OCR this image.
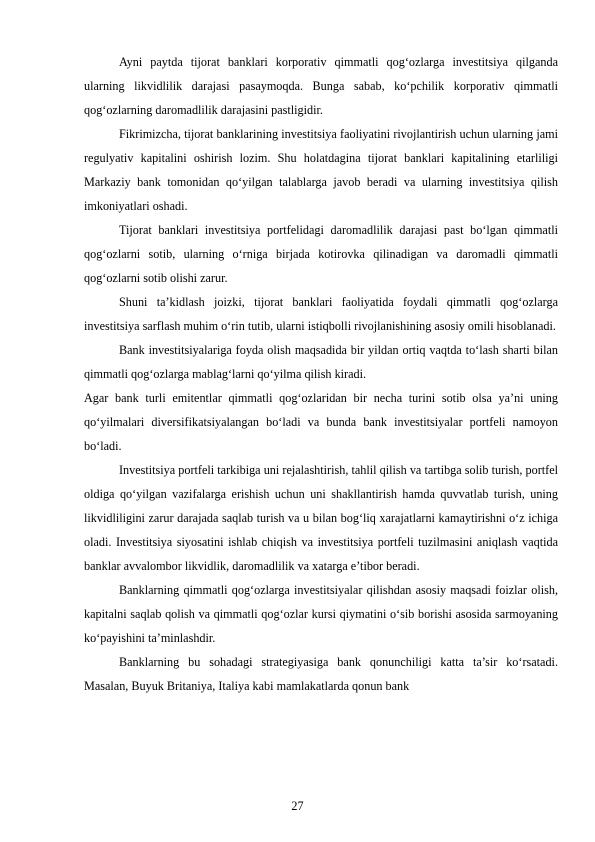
Ayni paytda tijorat banklari korporativ qimmatli qog‘ozlarga investitsiya qilganda ularning likvidlilik darajasi pasaymoqda. Bunga sabab, ko‘pchilik korporativ qimmatli qog‘ozlarning daromadlilik darajasini pastligidir.

Fikrimizcha, tijorat banklarining investitsiya faoliyatini rivojlantirish uchun ularning jami regulyativ kapitalini oshirish lozim. Shu holatdagina tijorat banklari kapitalining etarliligi Markaziy bank tomonidan qo‘yilgan talablarga javob beradi va ularning investitsiya qilish imkoniyatlari oshadi.

Tijorat banklari investitsiya portfelidagi daromadlilik darajasi past bo‘lgan qimmatli qog‘ozlarni sotib, ularning o‘rniga birjada kotirovka qilinadigan va daromadli qimmatli qog‘ozlarni sotib olishi zarur.

Shuni ta’kidlash joizki, tijorat banklari faoliyatida foydali qimmatli qog‘ozlarga investitsiya sarflash muhim o‘rin tutib, ularni istiqbolli rivojlanishining asosiy omili hisoblanadi.

Bank investitsiyalariga foyda olish maqsadida bir yildan ortiq vaqtda to‘lash sharti bilan qimmatli qog‘ozlarga mablag‘larni qo‘yilma qilish kiradi.

Agar bank turli emitentlar qimmatli qog‘ozlaridan bir necha turini sotib olsa ya’ni uning qo‘yilmalari diversifikatsiyalangan bo‘ladi va bunda bank investitsiyalar portfeli namoyon bo‘ladi.

Investitsiya portfeli tarkibiga uni rejalashtirish, tahlil qilish va tartibga solib turish, portfel oldiga qo‘yilgan vazifalarga erishish uchun uni shakllantirish hamda quvvatlab turish, uning likvidliligini zarur darajada saqlab turish va u bilan bog‘liq xarajatlarni kamaytirishni o‘z ichiga oladi. Investitsiya siyosatini ishlab chiqish va investitsiya portfeli tuzilmasini aniqlash vaqtida banklar avvalombor likvidlik, daromadlilik va xatarga e’tibor beradi.

Banklarning qimmatli qog‘ozlarga investitsiyalar qilishdan asosiy maqsadi foizlar olish, kapitalni saqlab qolish va qimmatli qog‘ozlar kursi qiymatini o‘sib borishi asosida sarmoyaning ko‘payishini ta’minlashdir.

Banklarning bu sohadagi strategiyasiga bank qonunchiligi katta ta’sir ko‘rsatadi. Masalan, Buyuk Britaniya, Italiya kabi mamlakatlarda qonun bank

27
